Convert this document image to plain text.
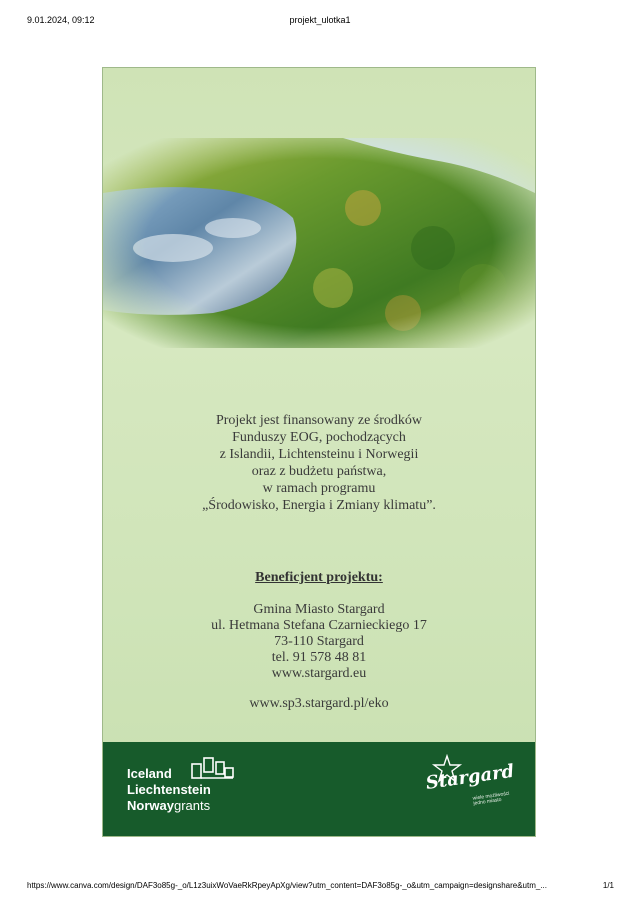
9.01.2024, 09:12	projekt_ulotka1
Projekt jest finansowany ze środków
Funduszy EOG, pochodzących
z Islandii, Lichtensteinu i Norwegii
oraz z budżetu państwa,
w ramach programu
„Środowisko, Energia i Zmiany klimatu”.
Beneficjent projektu:
Gmina Miasto Stargard
ul. Hetmana Stefana Czarnieckiego 17
73-110 Stargard
tel. 91 578 48 81
www.stargard.eu
www.sp3.stargard.pl/eko
Iceland
Liechtenstein
Norwaygrants
Stargard
wiele możliwości jedno miasto
https://www.canva.com/design/DAF3o85g-_o/L1z3uixWoVaeRkRpeyApXg/view?utm_content=DAF3o85g-_o&utm_campaign=designshare&utm_...	1/1
